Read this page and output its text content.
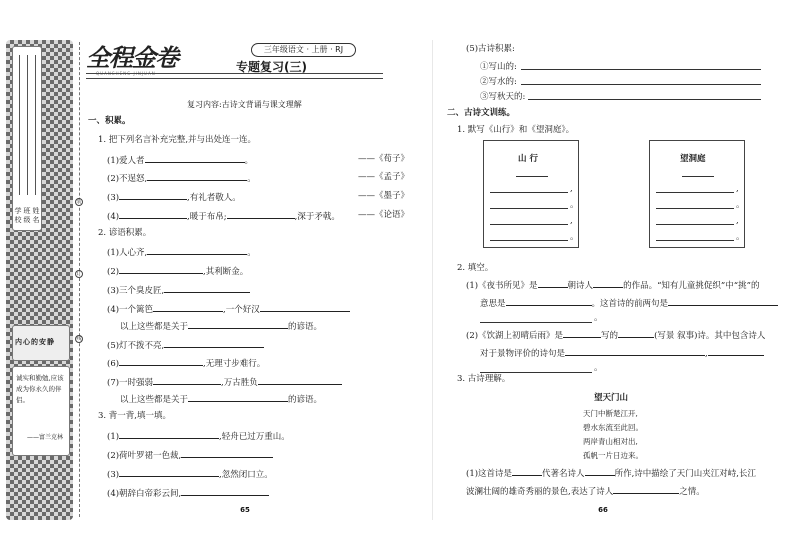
学校 班级 姓名
内心的安静
诚实和勤勉,应该成为你永久的伴侣。
——富兰克林
装
订
线
全程金卷
QUANCHENG JINJUAN
三年级语文 · 上册 · RJ
专题复习(三)
复习内容:古诗文背诵与课文理解
一、积累。
1. 把下列名言补充完整,并与出处连一连。
(1)爱人者	。	——《荀子》
(2)不逞怒,	。	——《孟子》
(3)	,有礼者敬人。	——《墨子》
(4)	,暖于布帛;	,深于矛戟。 ——《论语》
2. 谚语积累。
(1)人心齐,	。
(2)	,其利断金。
(3)三个臭皮匠,
(4)一个篱笆	,一个好汉
以上这些都是关于	的谚语。
(5)灯不拨不亮,
(6)	,无理寸步难行。
(7)一时强弱	,万古胜负
以上这些都是关于	的谚语。
3. 背一背,填一填。
(1)	,轻舟已过万重山。
(2)荷叶罗裙一色裁,
(3)	,忽然闭口立。
(4)朝辞白帝彩云间,
65
(5)古诗积累:
①写山的:
②写水的:
③写秋天的:
二、古诗文训练。
1. 默写《山行》和《望洞庭》。
山 行
,
。
,
。
望洞庭
,
。
,
。
2. 填空。
(1)《夜书所见》是	朝诗人	的作品。“知有儿童挑促织”中“挑”的
意思是	。这首诗的前两句是
。
(2)《饮湖上初晴后雨》是	写的	(写景 叙事)诗。其中包含诗人
对于景物评价的诗句是	,
。
3. 古诗理解。
望天门山
天门中断楚江开,
碧水东流至此回。
两岸青山相对出,
孤帆一片日边来。
(1)这首诗是	代著名诗人	所作,诗中描绘了天门山夹江对峙,长江
波澜壮阔的雄奇秀丽的景色,表达了诗人	之情。
66
